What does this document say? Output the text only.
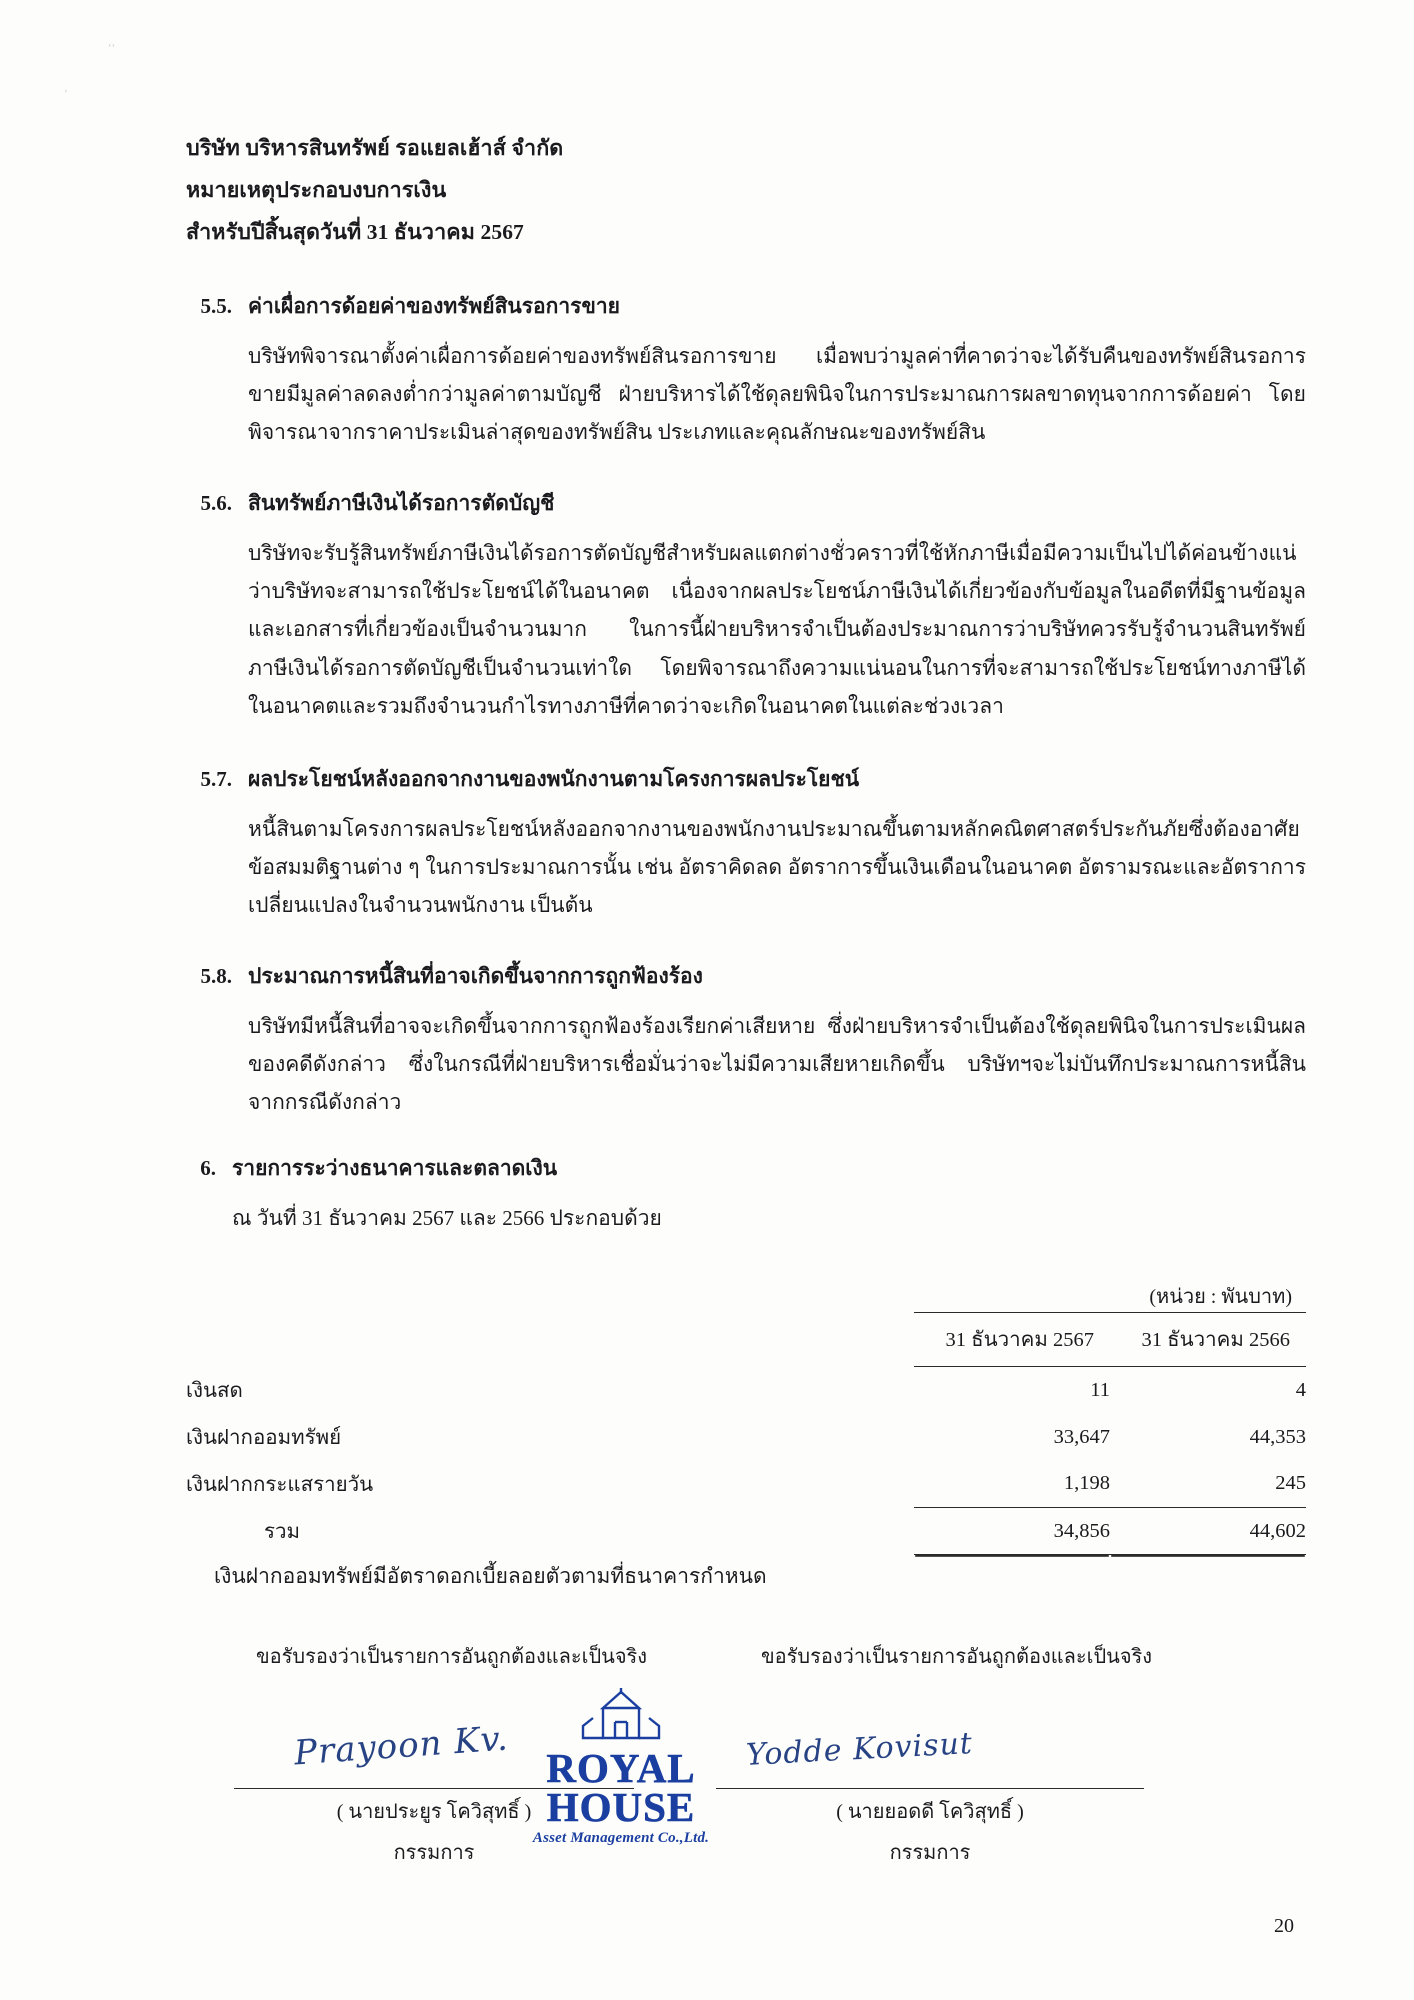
ʻʻ
ʼ
บริษัท บริหารสินทรัพย์ รอแยลเฮ้าส์ จำกัด
หมายเหตุประกอบงบการเงิน
สำหรับปีสิ้นสุดวันที่ 31 ธันวาคม 2567
5.5. ค่าเผื่อการด้อยค่าของทรัพย์สินรอการขาย
บริษัทพิจารณาตั้งค่าเผื่อการด้อยค่าของทรัพย์สินรอการขาย เมื่อพบว่ามูลค่าที่คาดว่าจะได้รับคืนของทรัพย์สินรอการขายมีมูลค่าลดลงต่ำกว่ามูลค่าตามบัญชี ฝ่ายบริหารได้ใช้ดุลยพินิจในการประมาณการผลขาดทุนจากการด้อยค่า โดยพิจารณาจากราคาประเมินล่าสุดของทรัพย์สิน ประเภทและคุณลักษณะของทรัพย์สิน
5.6. สินทรัพย์ภาษีเงินได้รอการตัดบัญชี
บริษัทจะรับรู้สินทรัพย์ภาษีเงินได้รอการตัดบัญชีสำหรับผลแตกต่างชั่วคราวที่ใช้หักภาษีเมื่อมีความเป็นไปได้ค่อนข้างแน่ว่าบริษัทจะสามารถใช้ประโยชน์ได้ในอนาคต เนื่องจากผลประโยชน์ภาษีเงินได้เกี่ยวข้องกับข้อมูลในอดีตที่มีฐานข้อมูลและเอกสารที่เกี่ยวข้องเป็นจำนวนมาก ในการนี้ฝ่ายบริหารจำเป็นต้องประมาณการว่าบริษัทควรรับรู้จำนวนสินทรัพย์ภาษีเงินได้รอการตัดบัญชีเป็นจำนวนเท่าใด โดยพิจารณาถึงความแน่นอนในการที่จะสามารถใช้ประโยชน์ทางภาษีได้ในอนาคตและรวมถึงจำนวนกำไรทางภาษีที่คาดว่าจะเกิดในอนาคตในแต่ละช่วงเวลา
5.7. ผลประโยชน์หลังออกจากงานของพนักงานตามโครงการผลประโยชน์
หนี้สินตามโครงการผลประโยชน์หลังออกจากงานของพนักงานประมาณขึ้นตามหลักคณิตศาสตร์ประกันภัยซึ่งต้องอาศัยข้อสมมติฐานต่าง ๆ ในการประมาณการนั้น เช่น อัตราคิดลด อัตราการขึ้นเงินเดือนในอนาคต อัตรามรณะและอัตราการเปลี่ยนแปลงในจำนวนพนักงาน เป็นต้น
5.8. ประมาณการหนี้สินที่อาจเกิดขึ้นจากการถูกฟ้องร้อง
บริษัทมีหนี้สินที่อาจจะเกิดขึ้นจากการถูกฟ้องร้องเรียกค่าเสียหาย ซึ่งฝ่ายบริหารจำเป็นต้องใช้ดุลยพินิจในการประเมินผลของคดีดังกล่าว ซึ่งในกรณีที่ฝ่ายบริหารเชื่อมั่นว่าจะไม่มีความเสียหายเกิดขึ้น บริษัทฯจะไม่บันทึกประมาณการหนี้สินจากกรณีดังกล่าว
6. รายการระว่างธนาคารและตลาดเงิน
ณ วันที่ 31 ธันวาคม 2567 และ 2566 ประกอบด้วย
(หน่วย : พันบาท)
	31 ธันวาคม 2567	31 ธันวาคม 2566
เงินสด	11	4
เงินฝากออมทรัพย์	33,647	44,353
เงินฝากกระแสรายวัน	1,198	245
รวม	34,856	44,602
เงินฝากออมทรัพย์มีอัตราดอกเบี้ยลอยตัวตามที่ธนาคารกำหนด
ขอรับรองว่าเป็นรายการอันถูกต้องและเป็นจริง	ขอรับรองว่าเป็นรายการอันถูกต้องและเป็นจริง
Prayoon Kv.	Yodde Kovisut
ROYAL
HOUSE
Asset Management Co.,Ltd.
( นายประยูร โควิสุทธิ์ )
กรรมการ
( นายยอดดี โควิสุทธิ์ )
กรรมการ
20
